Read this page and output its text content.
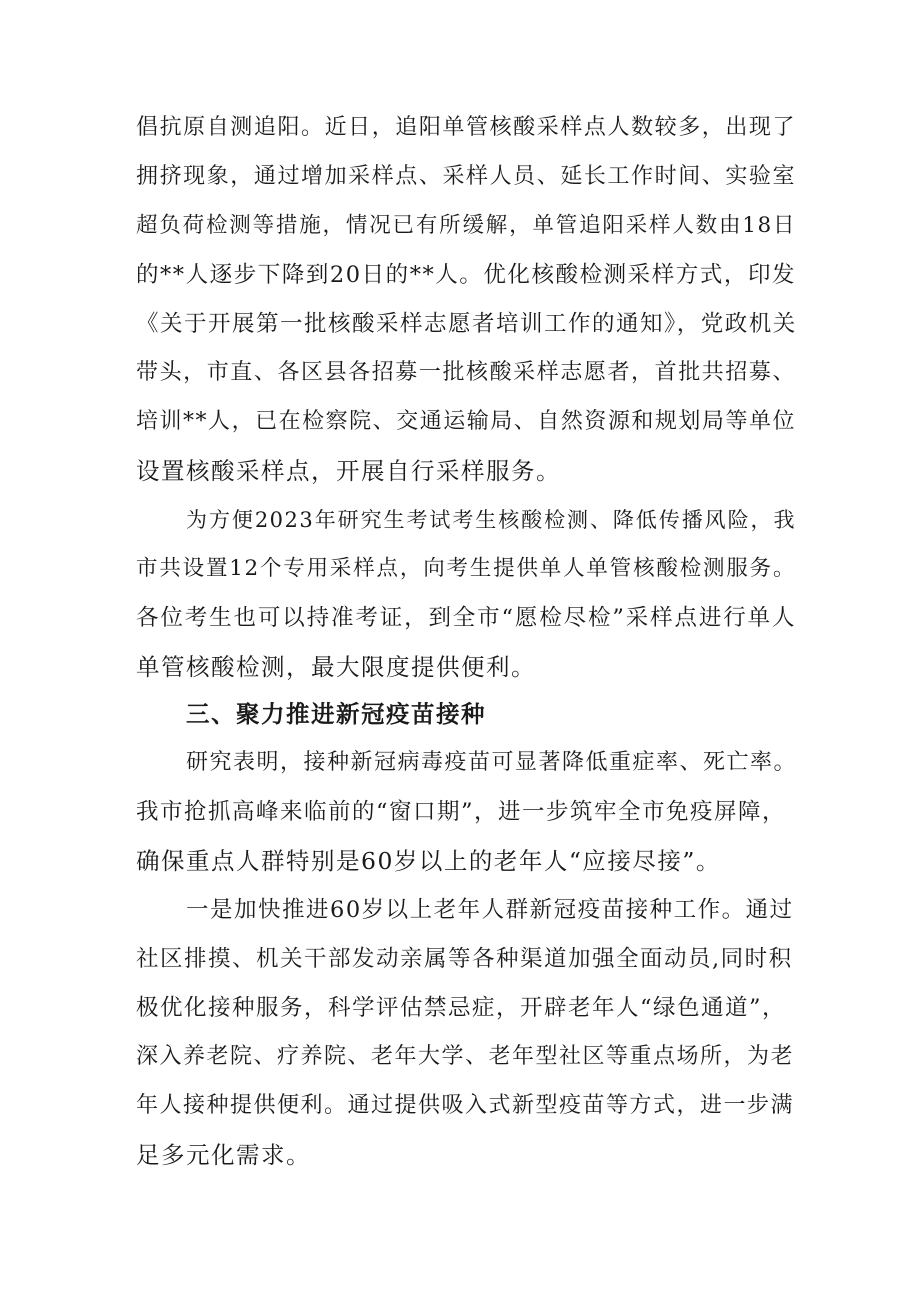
倡抗原自测追阳。近日，追阳单管核酸采样点人数较多，出现了
拥挤现象，通过增加采样点、采样人员、延长工作时间、实验室
超负荷检测等措施，情况已有所缓解，单管追阳采样人数由18日
的**人逐步下降到20日的**人。优化核酸检测采样方式，印发
《关于开展第一批核酸采样志愿者培训工作的通知》，党政机关
带头，市直、各区县各招募一批核酸采样志愿者，首批共招募、
培训**人，已在检察院、交通运输局、自然资源和规划局等单位
设置核酸采样点，开展自行采样服务。
为方便2023年研究生考试考生核酸检测、降低传播风险，我
市共设置12个专用采样点，向考生提供单人单管核酸检测服务。
各位考生也可以持准考证，到全市“愿检尽检”采样点进行单人
单管核酸检测，最大限度提供便利。
三、聚力推进新冠疫苗接种
研究表明，接种新冠病毒疫苗可显著降低重症率、死亡率。
我市抢抓高峰来临前的“窗口期”，进一步筑牢全市免疫屏障，
确保重点人群特别是60岁以上的老年人“应接尽接”。
一是加快推进60岁以上老年人群新冠疫苗接种工作。通过
社区排摸、机关干部发动亲属等各种渠道加强全面动员,同时积
极优化接种服务，科学评估禁忌症，开辟老年人“绿色通道”，
深入养老院、疗养院、老年大学、老年型社区等重点场所，为老
年人接种提供便利。通过提供吸入式新型疫苗等方式，进一步满
足多元化需求。
